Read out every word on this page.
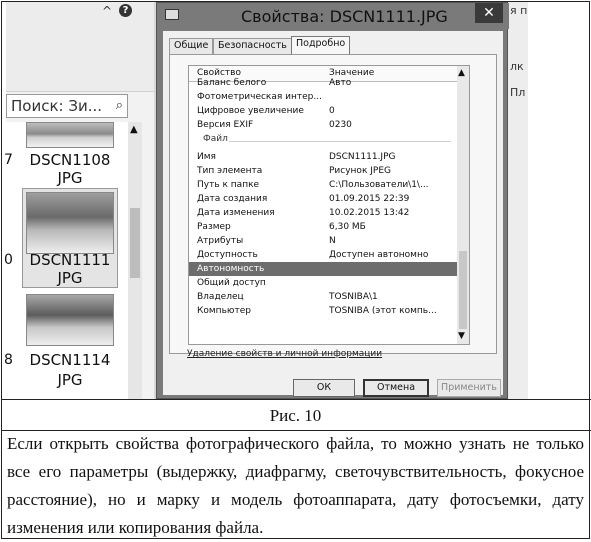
^	?
Поиск: Зи... ⌕
DSCN1108
JPG
DSCN1111
JPG
DSCN1114
JPG
7
0
8
▲
я п
лк
Пл
Свойства: DSCN1111.JPG	✕
Общие	Безопасность Подробно
Свойство	Значение
Баланс белого	Авто
Фотометрическая интер...
Цифровое увеличение	0
Версия EXIF	0230
Файл
Имя	DSCN1111.JPG
Тип элемента	Рисунок JPEG
Путь к папке	C:\Пользователи\1\...
Дата создания	01.09.2015 22:39
Дата изменения	10.02.2015 13:42
Размер	6,30 МБ
Атрибуты	N
Доступность	Доступен автономно
Автономность
Общий доступ
Владелец	TOSNIBA\1
Компьютер	TOSNIBA (этот компь...
▲
▼
Удаление свойств и личной информации
ОК	Отмена	Применить
Рис. 10
Если открыть свойства фотографического файла, то можно узнать не только все его параметры (выдержку, диафрагму, светочувствительность, фокусное расстояние), но и марку и модель фотоаппарата, дату фотосъемки, дату изменения или копирования файла.
